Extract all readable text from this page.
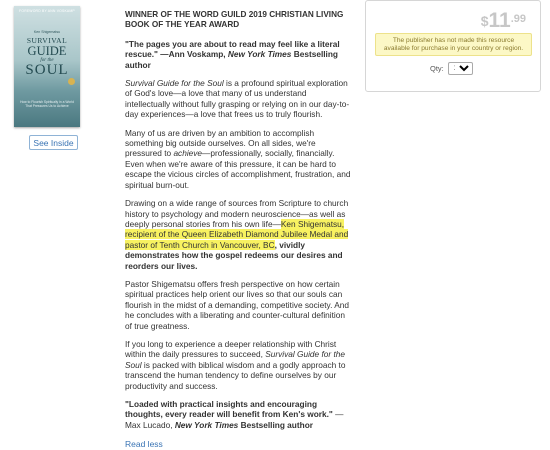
FOREWORD BY ANN VOSKAMP
Ken Shigematsu
SURVIVAL
GUIDE
for the
SOUL
How to Flourish Spiritually in a World That Pressures Us to Achieve
See Inside

WINNER OF THE WORD GUILD 2019 CHRISTIAN LIVING BOOK OF THE YEAR AWARD

"The pages you are about to read may feel like a literal rescue." —Ann Voskamp, New York Times Bestselling author

Survival Guide for the Soul is a profound spiritual exploration of God's love—a love that many of us understand intellectually without fully grasping or relying on in our day-to-day experiences—a love that frees us to truly flourish.

Many of us are driven by an ambition to accomplish something big outside ourselves. On all sides, we're pressured to achieve—professionally, socially, financially. Even when we're aware of this pressure, it can be hard to escape the vicious circles of accomplishment, frustration, and spiritual burn-out.

Drawing on a wide range of sources from Scripture to church history to psychology and modern neuroscience—as well as deeply personal stories from his own life—Ken Shigematsu, recipient of the Queen Elizabeth Diamond Jubilee Medal and pastor of Tenth Church in Vancouver, BC, vividly demonstrates how the gospel redeems our desires and reorders our lives.

Pastor Shigematsu offers fresh perspective on how certain spiritual practices help orient our lives so that our souls can flourish in the midst of a demanding, competitive society. And he concludes with a liberating and counter-cultural definition of true greatness.

If you long to experience a deeper relationship with Christ within the daily pressures to succeed, Survival Guide for the Soul is packed with biblical wisdom and a godly approach to transcend the human tendency to define ourselves by our productivity and success.

"Loaded with practical insights and encouraging thoughts, every reader will benefit from Ken's work." —Max Lucado, New York Times Bestselling author

Read less
$\$11^{.99}$
The publisher has not made this resource available for purchase in your country or region.
Qty:
1
